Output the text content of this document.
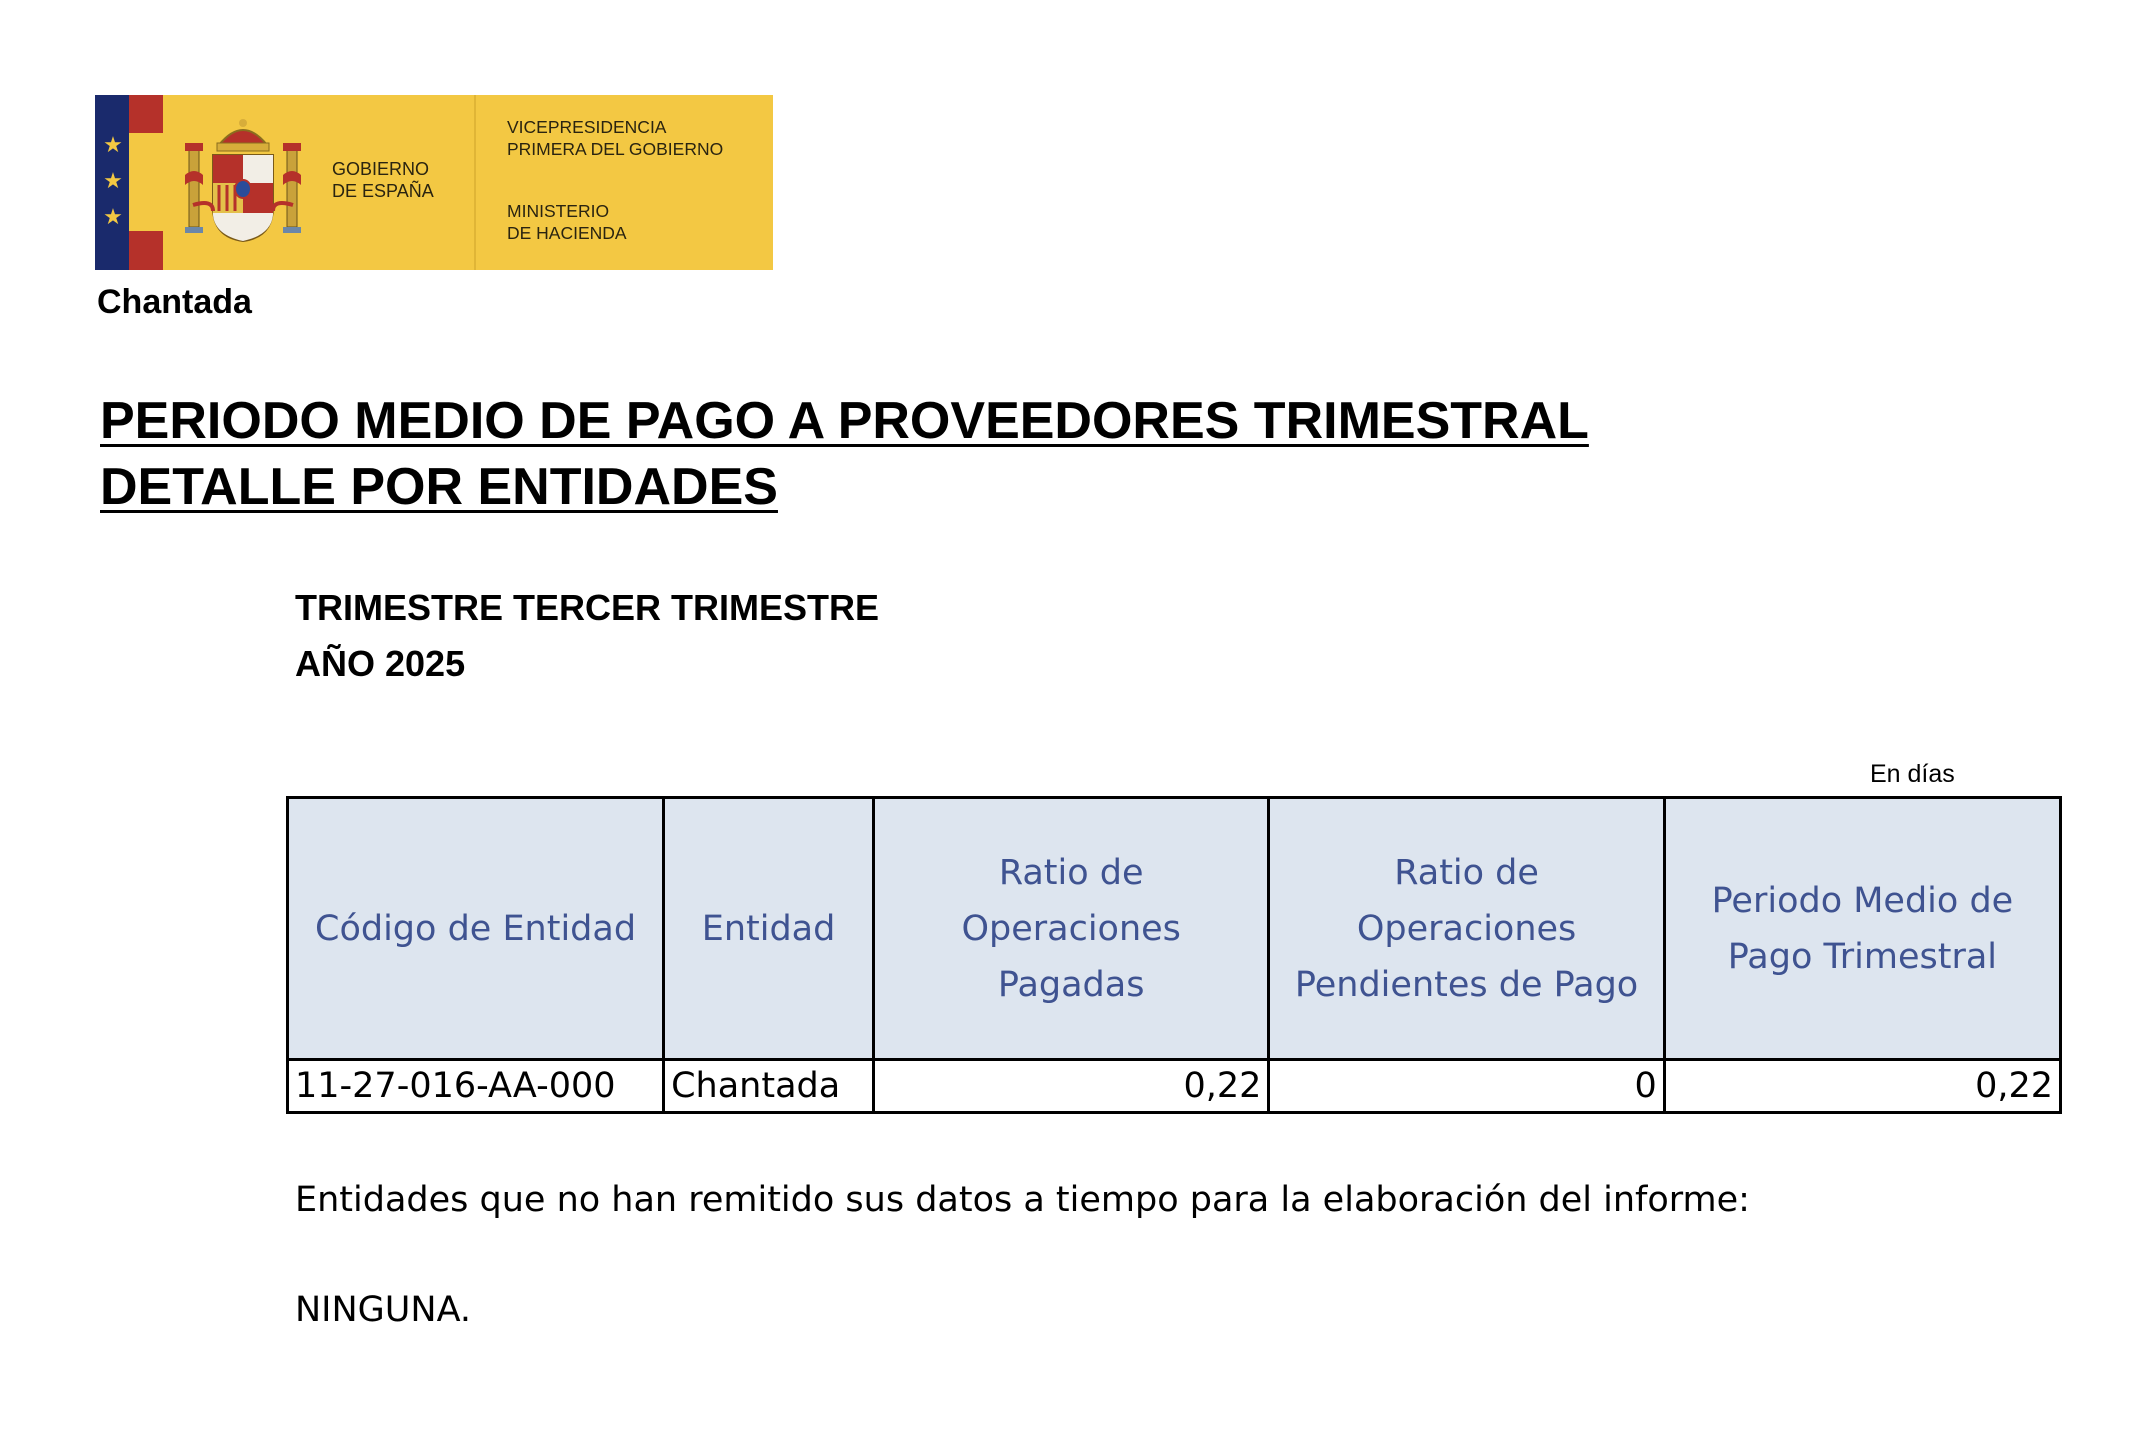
★
★
★
GOBIERNO
DE ESPAÑA
VICEPRESIDENCIA
PRIMERA DEL GOBIERNO
MINISTERIO
DE HACIENDA
Chantada
PERIODO MEDIO DE PAGO A PROVEEDORES TRIMESTRAL
DETALLE POR ENTIDADES
TRIMESTRE TERCER TRIMESTRE
AÑO 2025
En días
Código de Entidad	Entidad	Ratio de Operaciones Pagadas	Ratio de Operaciones Pendientes de Pago	Periodo Medio de Pago Trimestral
11-27-016-AA-000	Chantada	0,22	0	0,22
Entidades que no han remitido sus datos a tiempo para la elaboración del informe:
NINGUNA.
